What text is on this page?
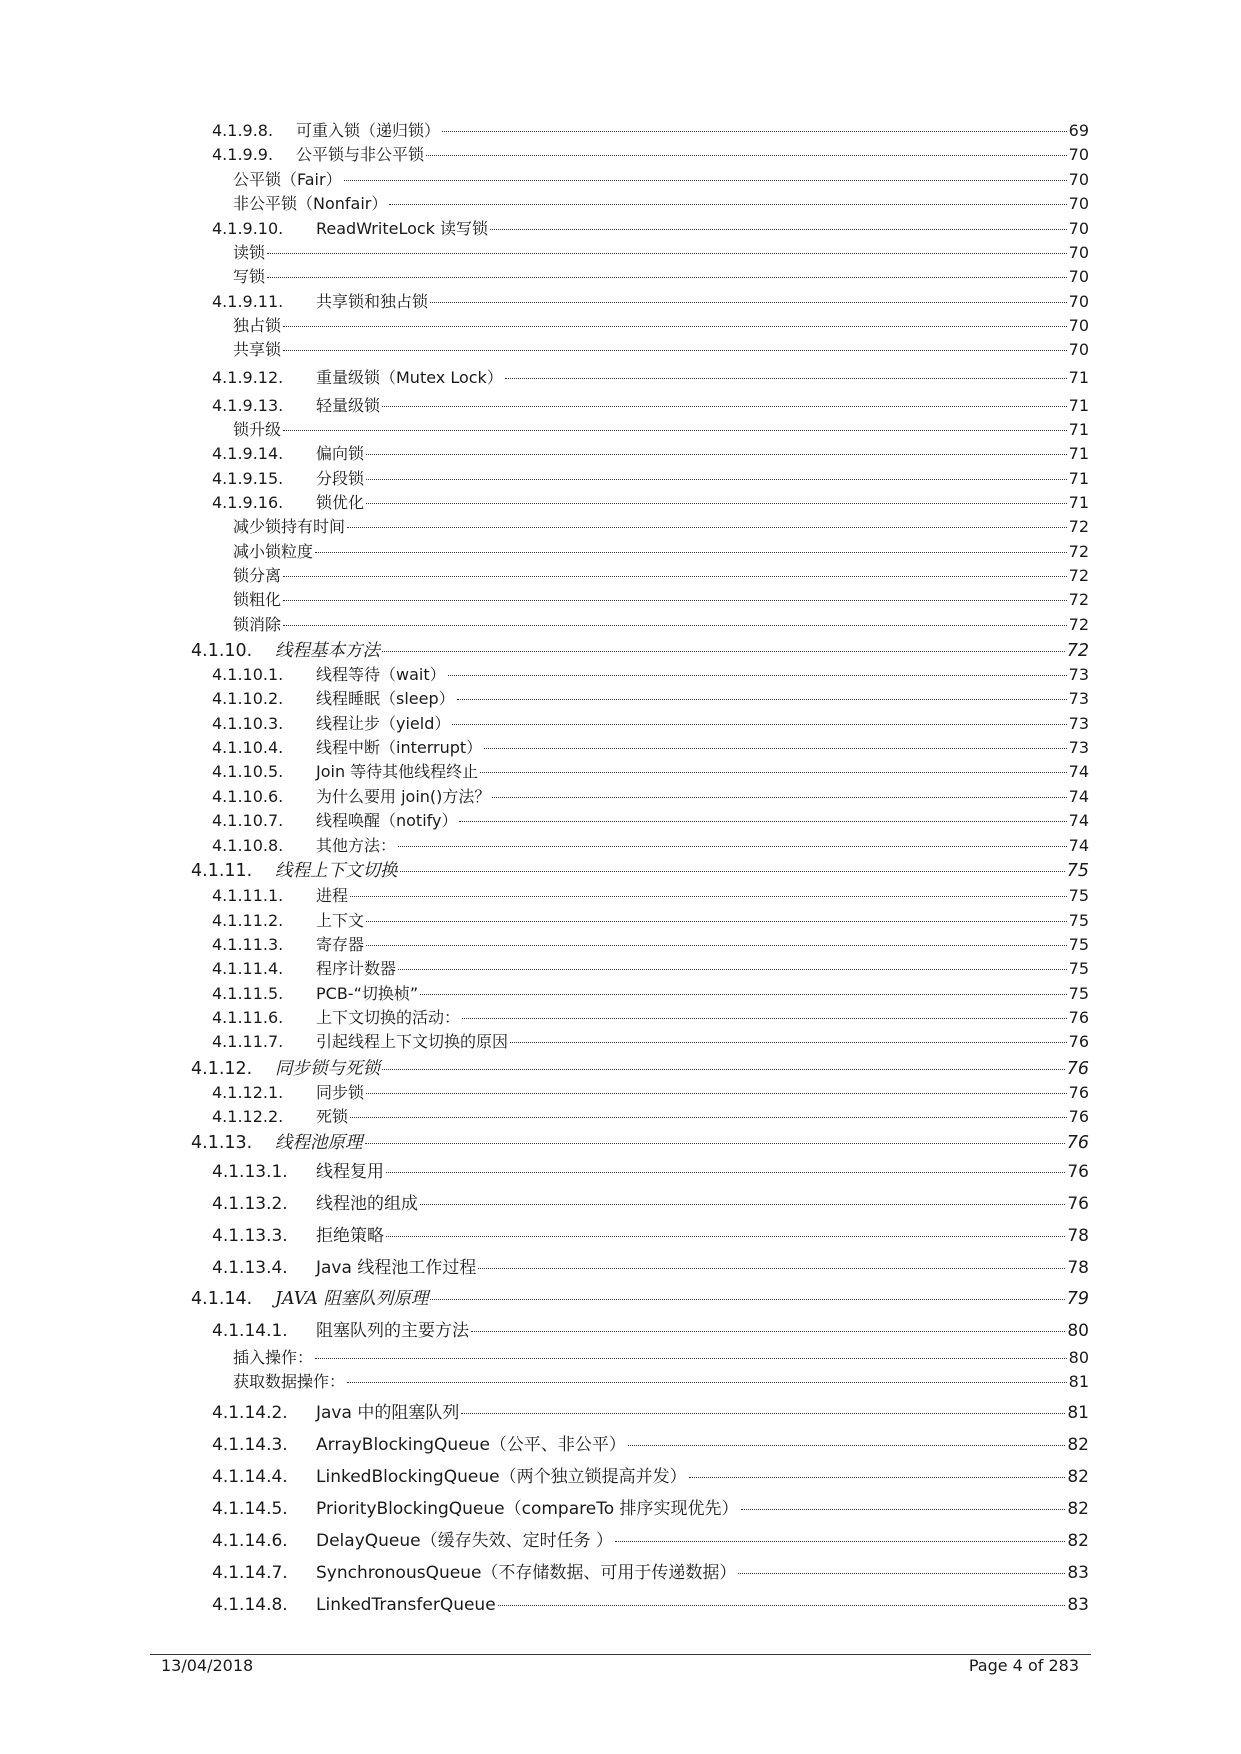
4.1.9.8.	可重入锁（递归锁）	69
4.1.9.9.	公平锁与非公平锁	70
公平锁（Fair）	70
非公平锁（Nonfair）	70
4.1.9.10.	ReadWriteLock 读写锁	70
读锁	70
写锁	70
4.1.9.11.	共享锁和独占锁	70
独占锁	70
共享锁	70
4.1.9.12.	重量级锁（Mutex Lock）	71
4.1.9.13.	轻量级锁	71
锁升级	71
4.1.9.14.	偏向锁	71
4.1.9.15.	分段锁	71
4.1.9.16.	锁优化	71
减少锁持有时间	72
减小锁粒度	72
锁分离	72
锁粗化	72
锁消除	72
4.1.10.	线程基本方法	72
4.1.10.1.	线程等待（wait）	73
4.1.10.2.	线程睡眠（sleep）	73
4.1.10.3.	线程让步（yield）	73
4.1.10.4.	线程中断（interrupt）	73
4.1.10.5.	Join 等待其他线程终止	74
4.1.10.6.	为什么要用 join()方法？	74
4.1.10.7.	线程唤醒（notify）	74
4.1.10.8.	其他方法：	74
4.1.11.	线程上下文切换	75
4.1.11.1.	进程	75
4.1.11.2.	上下文	75
4.1.11.3.	寄存器	75
4.1.11.4.	程序计数器	75
4.1.11.5.	PCB-“切换桢”	75
4.1.11.6.	上下文切换的活动：	76
4.1.11.7.	引起线程上下文切换的原因	76
4.1.12.	同步锁与死锁	76
4.1.12.1.	同步锁	76
4.1.12.2.	死锁	76
4.1.13.	线程池原理	76
4.1.13.1.	线程复用	76
4.1.13.2.	线程池的组成	76
4.1.13.3.	拒绝策略	78
4.1.13.4.	Java 线程池工作过程	78
4.1.14.	JAVA 阻塞队列原理	79
4.1.14.1.	阻塞队列的主要方法	80
插入操作：	80
获取数据操作：	81
4.1.14.2.	Java 中的阻塞队列	81
4.1.14.3.	ArrayBlockingQueue（公平、非公平）	82
4.1.14.4.	LinkedBlockingQueue（两个独立锁提高并发）	82
4.1.14.5.	PriorityBlockingQueue（compareTo 排序实现优先）	82
4.1.14.6.	DelayQueue（缓存失效、定时任务 ）	82
4.1.14.7.	SynchronousQueue（不存储数据、可用于传递数据）	83
4.1.14.8.	LinkedTransferQueue	83
13/04/2018	Page 4 of 283
